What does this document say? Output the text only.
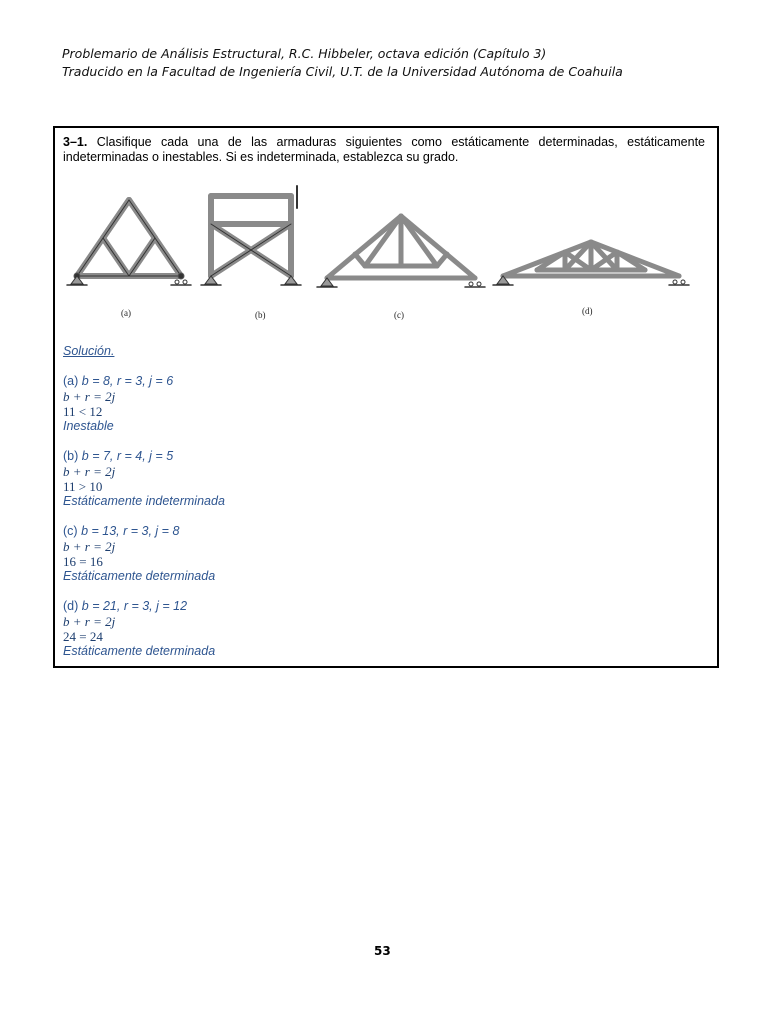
Problemario de Análisis Estructural, R.C. Hibbeler, octava edición (Capítulo 3)
Traducido en la Facultad de Ingeniería Civil, U.T. de la Universidad Autónoma de Coahuila
3–1. Clasifique cada una de las armaduras siguientes como estáticamente determinadas, estáticamente indeterminadas o inestables. Si es indeterminada, establezca su grado.
(a)	(b)	(c)	(d)
Solución.
(a) b = 8, r = 3, j = 6
b + r = 2j
11 < 12
Inestable
(b) b = 7, r = 4, j = 5
b + r = 2j
11 > 10
Estáticamente indeterminada
(c) b = 13, r = 3, j = 8
b + r = 2j
16 = 16
Estáticamente determinada
(d) b = 21, r = 3, j = 12
b + r = 2j
24 = 24
Estáticamente determinada
53
